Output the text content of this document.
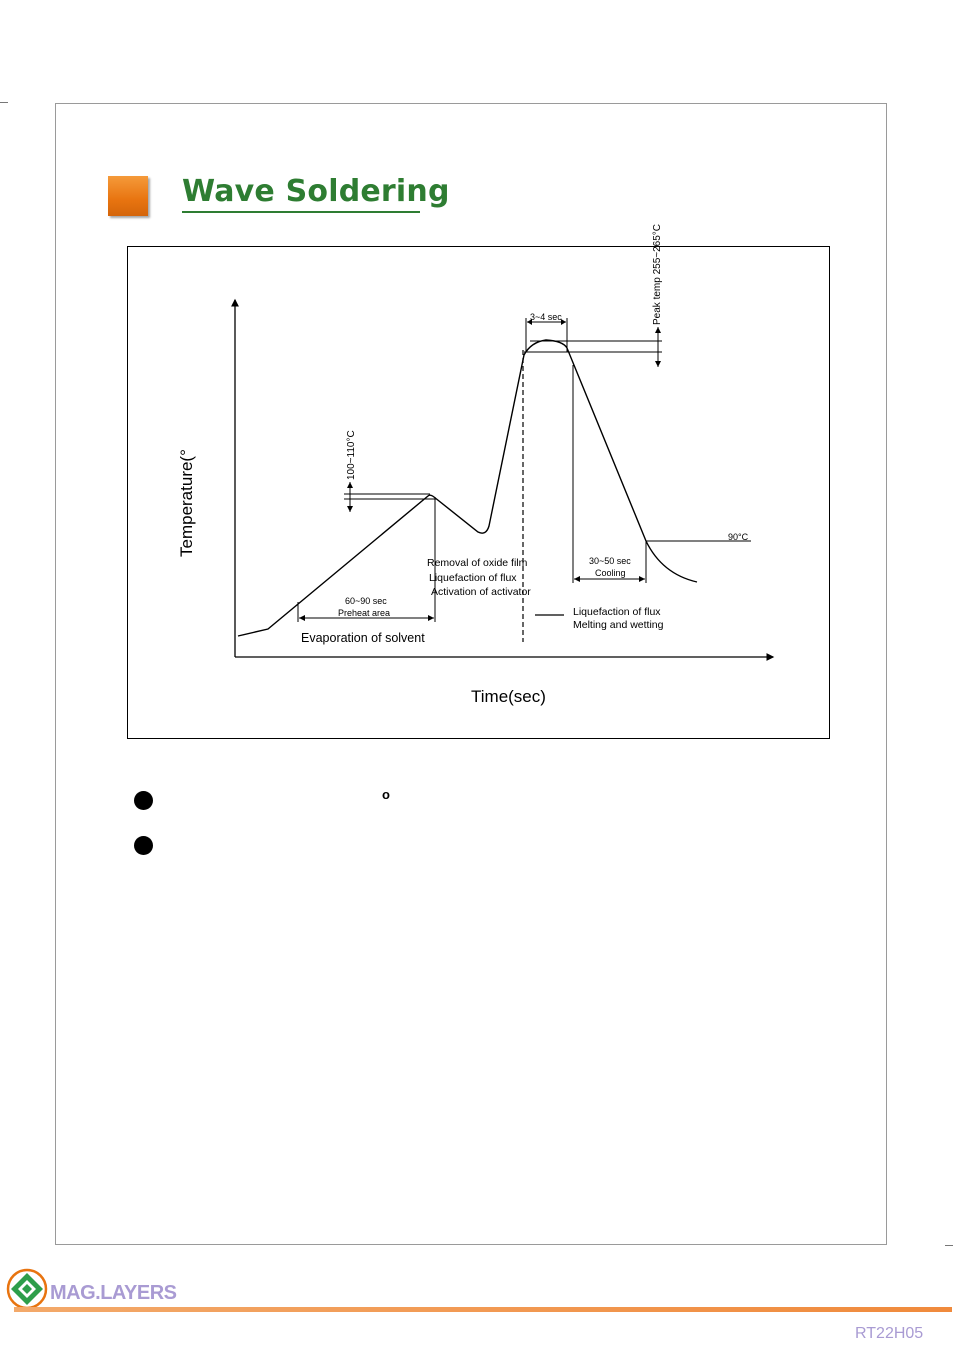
Wave Soldering
Temperature(°
Time(sec)
100~110°C
Peak temp 255~265°C
90°C
60~90 sec
Preheat area
3~4 sec
30~50 sec
Cooling
Evaporation of solvent
Removal of oxide film
Liquefaction of flux
Activation of activator
Liquefaction of flux
Melting and wetting
o
MAG.LAYERS
RT22H05
